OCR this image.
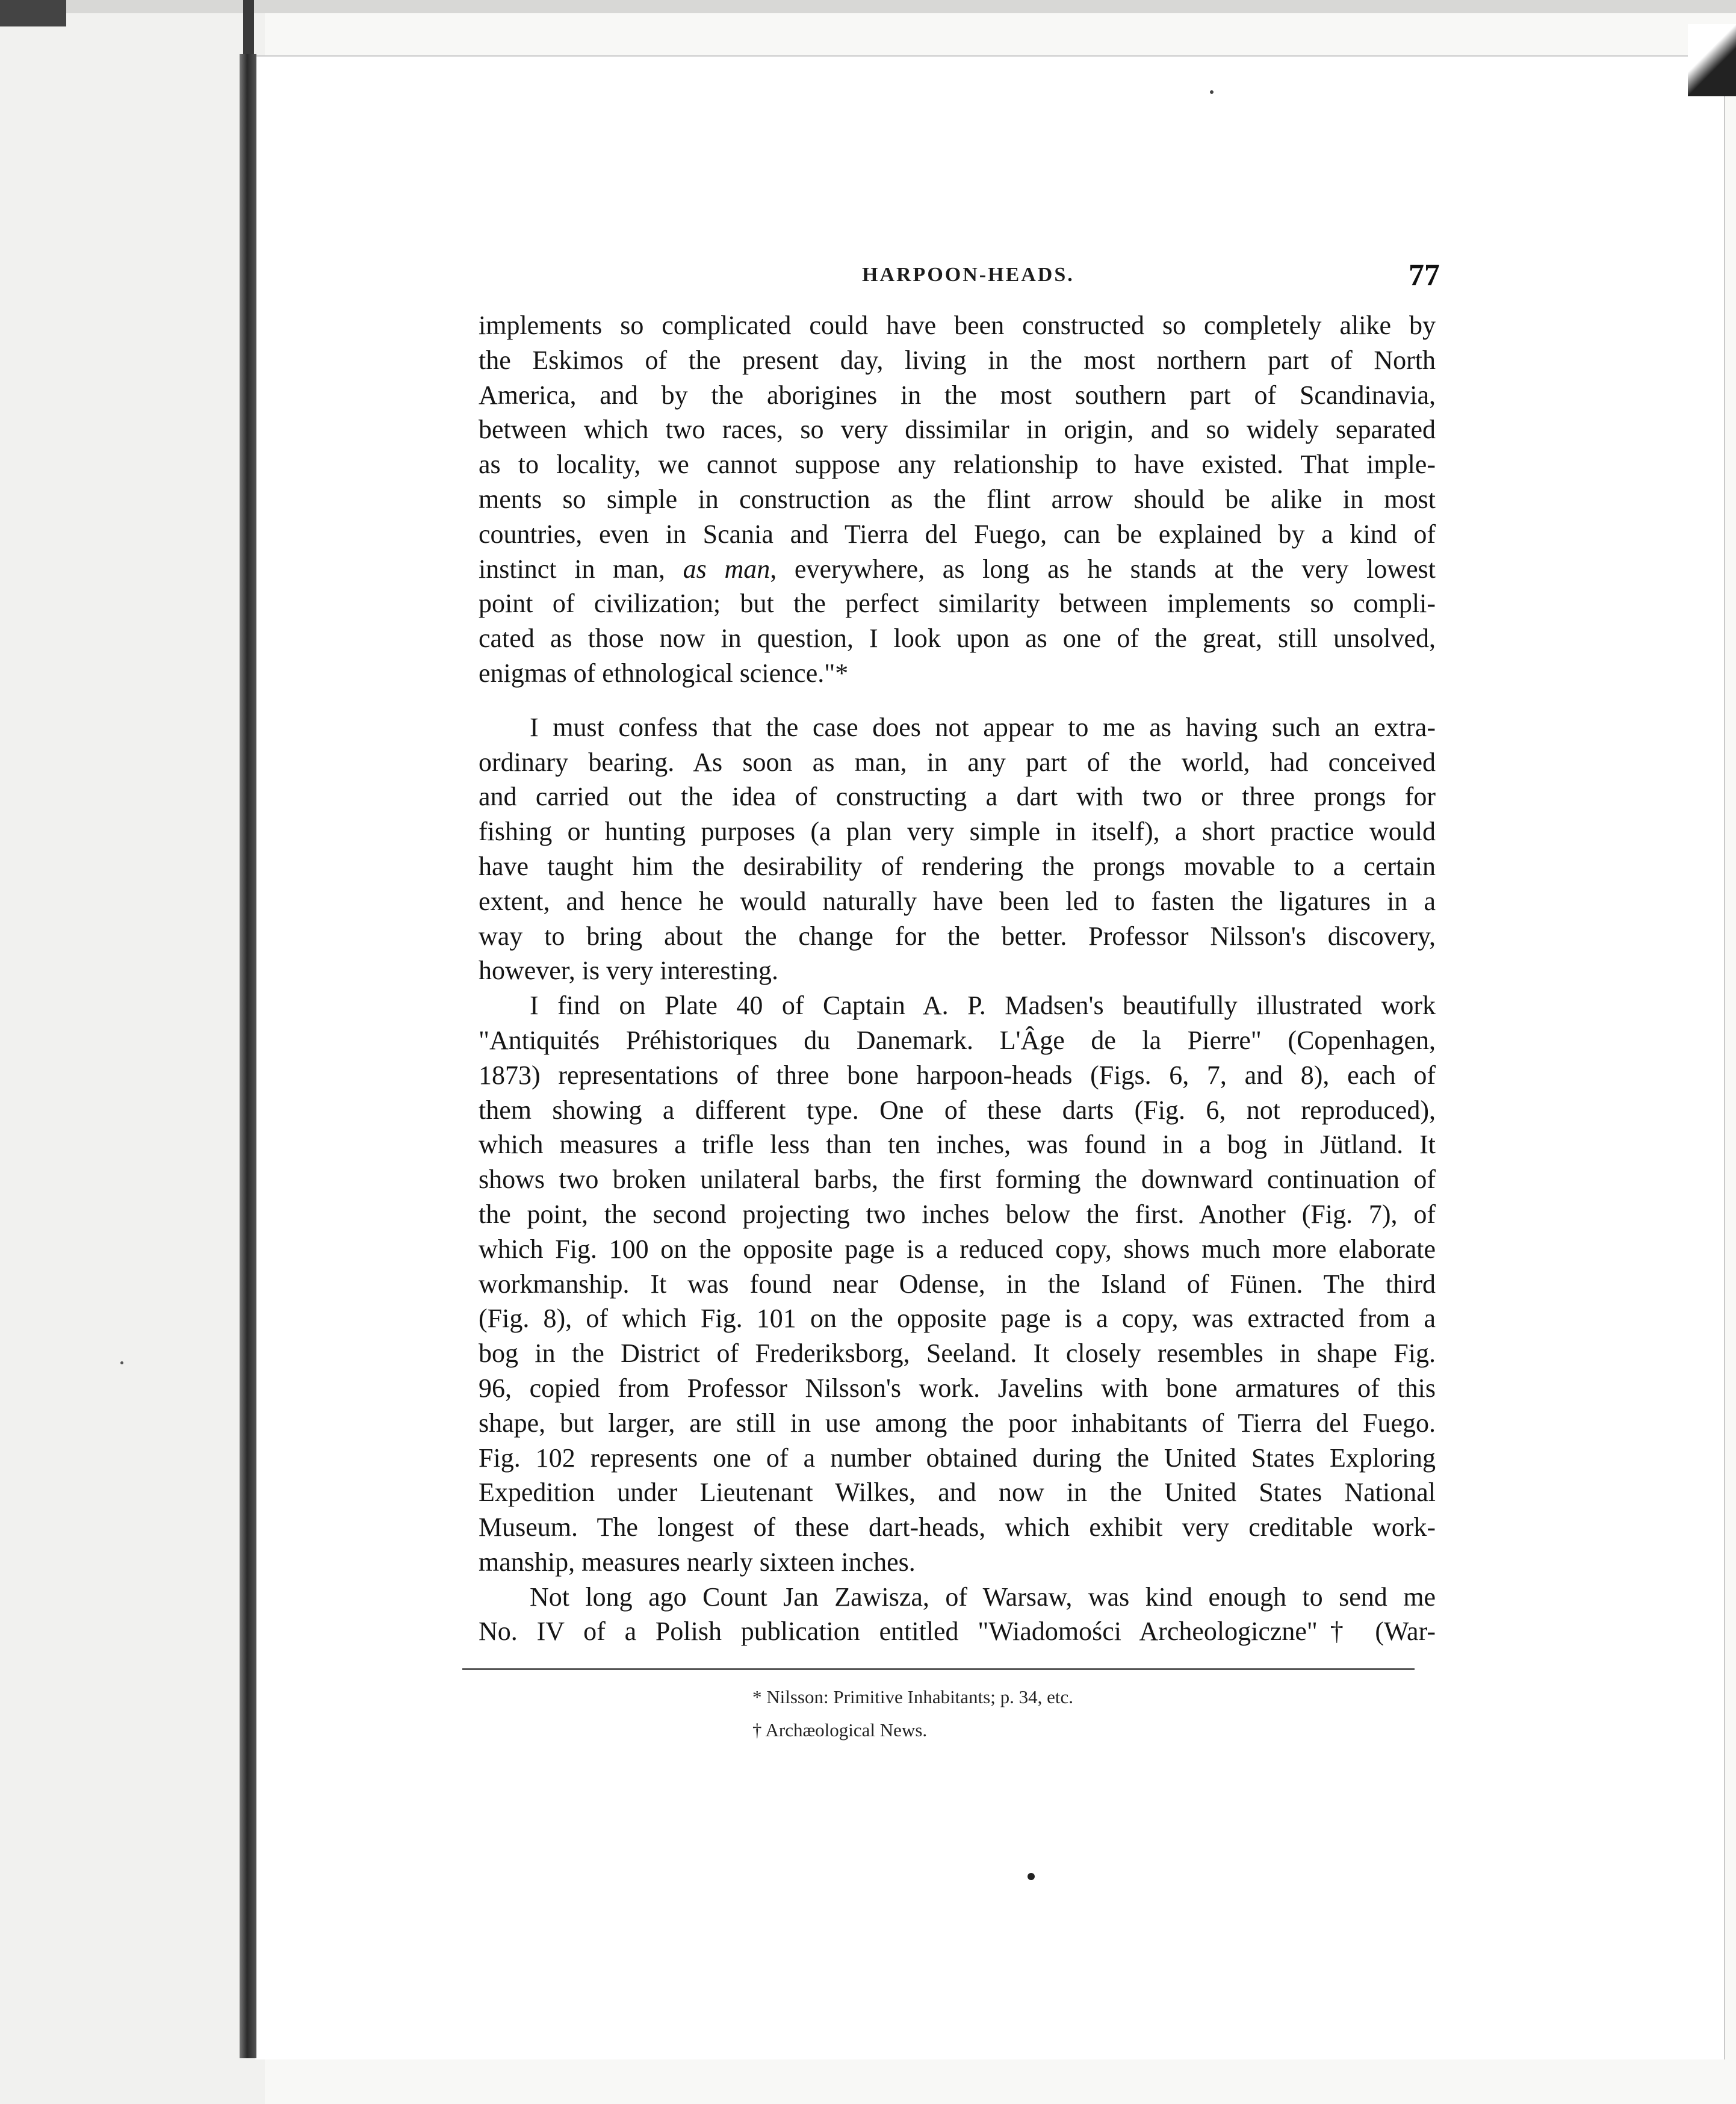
HARPOON-HEADS.	77

implements so complicated could have been constructed so completely alike by
the Eskimos of the present day, living in the most northern part of North
America, and by the aborigines in the most southern part of Scandinavia,
between which two races, so very dissimilar in origin, and so widely separated
as to locality, we cannot suppose any relationship to have existed. That imple-
ments so simple in construction as the flint arrow should be alike in most
countries, even in Scania and Tierra del Fuego, can be explained by a kind of
instinct in man, as man, everywhere, as long as he stands at the very lowest
point of civilization; but the perfect similarity between implements so compli-
cated as those now in question, I look upon as one of the great, still unsolved,
enigmas of ethnological science."*

I must confess that the case does not appear to me as having such an extra-
ordinary bearing. As soon as man, in any part of the world, had conceived
and carried out the idea of constructing a dart with two or three prongs for
fishing or hunting purposes (a plan very simple in itself), a short practice would
have taught him the desirability of rendering the prongs movable to a certain
extent, and hence he would naturally have been led to fasten the ligatures in a
way to bring about the change for the better. Professor Nilsson's discovery,
however, is very interesting.

I find on Plate 40 of Captain A. P. Madsen's beautifully illustrated work
"Antiquités Préhistoriques du Danemark. L'Âge de la Pierre" (Copenhagen,
1873) representations of three bone harpoon-heads (Figs. 6, 7, and 8), each of
them showing a different type. One of these darts (Fig. 6, not reproduced),
which measures a trifle less than ten inches, was found in a bog in Jütland. It
shows two broken unilateral barbs, the first forming the downward continuation of
the point, the second projecting two inches below the first. Another (Fig. 7), of
which Fig. 100 on the opposite page is a reduced copy, shows much more elaborate
workmanship. It was found near Odense, in the Island of Fünen. The third
(Fig. 8), of which Fig. 101 on the opposite page is a copy, was extracted from a
bog in the District of Frederiksborg, Seeland. It closely resembles in shape Fig.
96, copied from Professor Nilsson's work. Javelins with bone armatures of this
shape, but larger, are still in use among the poor inhabitants of Tierra del Fuego.
Fig. 102 represents one of a number obtained during the United States Exploring
Expedition under Lieutenant Wilkes, and now in the United States National
Museum. The longest of these dart-heads, which exhibit very creditable work-
manship, measures nearly sixteen inches.

Not long ago Count Jan Zawisza, of Warsaw, was kind enough to send me
No. IV of a Polish publication entitled "Wiadomości Archeologiczne"† (War-

* Nilsson: Primitive Inhabitants; p. 34, etc.
† Archæological News.
